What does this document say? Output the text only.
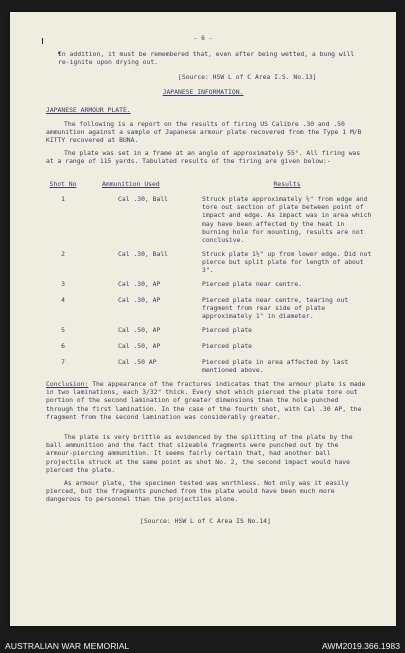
- 6 -
In addition, it must be remembered that, even after being wetted, a bung will re-ignite upon drying out.
[Source: HSW L of C Area I.S. No.13]
JAPANESE INFORMATION.
JAPANESE ARMOUR PLATE.
The following is a report on the results of firing US Calibre .30 and .50 ammunition against a sample of Japanese armour plate recovered from the Type 1 M/B KITTY recovered at BUNA.
The plate was set in a frame at an angle of approximately 55°. All firing was at a range of 115 yards. Tabulated results of the firing are given below:-
Shot No	Ammunition Used	Results
1	Cal .30, Ball	Struck plate approximately ½" from edge and tore out section of plate between point of impact and edge. As impact was in area which may have been affected by the heat in burning hole for mounting, results are not conclusive.
2	Cal .30, Ball	Struck plate 1½" up from lower edge. Did not pierce but split plate for length of about 3".
3	Cal .30, AP	Pierced plate near centre.
4	Cal .30, AP	Pierced plate near centre, tearing out fragment from rear side of plate approximately 1" in diameter.
5	Cal .50, AP	Pierced plate
6	Cal .50, AP	Pierced plate
7	Cal .50 AP	Pierced plate in area affected by last mentioned above.
Conclusion: The appearance of the fractures indicates that the armour plate is made in two laminations, each 3/32" thick. Every shot which pierced the plate tore out portion of the second lamination of greater dimensions than the hole punched through the first lamination. In the case of the fourth shot, with Cal .30 AP, the fragment from the second lamination was considerably greater.
The plate is very brittle as evidenced by the splitting of the plate by the ball ammunition and the fact that sizeable fragments were punched out by the armour-piercing ammunition. It seems fairly certain that, had another ball projectile struck at the same point as shot No. 2, the second impact would have pierced the plate.
As armour plate, the specimen tested was worthless. Not only was it easily pierced, but the fragments punched from the plate would have been much more dangerous to personnel than the projectiles alone.
[Source: HSW L of C Area IS No.14]
AUSTRALIAN WAR MEMORIAL	AWM2019.366.1983
